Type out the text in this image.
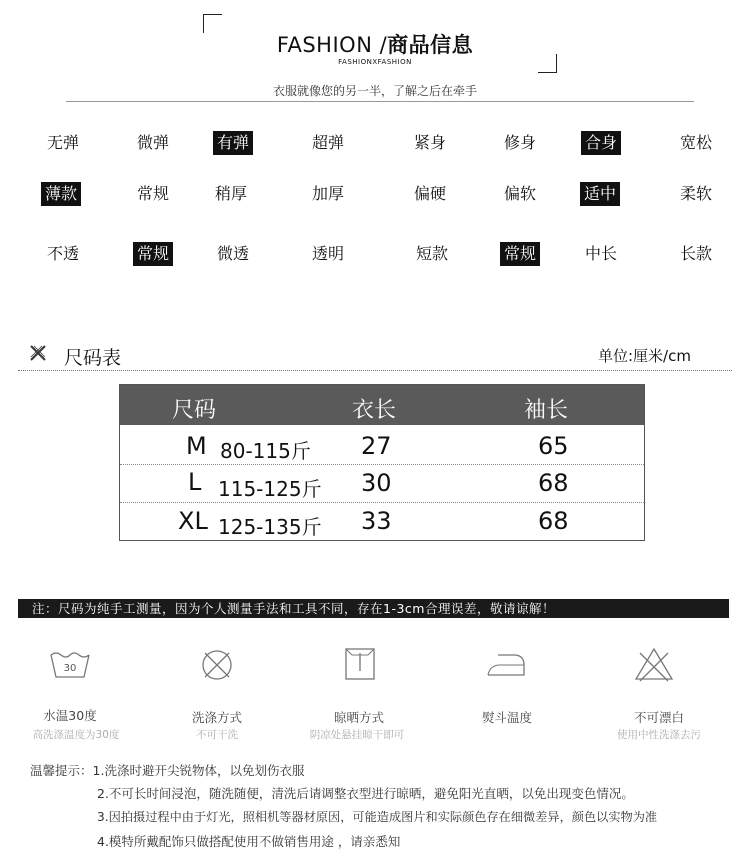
FASHION /商品信息
FASHIONXFASHION
衣服就像您的另一半，了解之后在牵手
无弹	微弹	有弹	超弹	紧身	修身	合身	宽松
薄款	常规	稍厚	加厚	偏硬	偏软	适中	柔软
不透	常规	微透	透明	短款	常规	中长	长款
尺码表	单位:厘米/cm
尺码	衣长	袖长
M 80-115斤 27	65
L 115-125斤 30	68
XL 125-135斤 33	68
注：尺码为纯手工测量，因为个人测量手法和工具不同，存在1-3cm合理误差，敬请谅解！
30
水温30度
高洗涤温度为30度
洗涤方式
不可干洗
晾晒方式
阴凉处悬挂晾干即可
熨斗温度	不可漂白
使用中性洗涤去污
温馨提示：1.洗涤时避开尖锐物体，以免划伤衣服
2.不可长时间浸泡，随洗随便，清洗后请调整衣型进行晾晒，避免阳光直晒，以免出现变色情况。
3.因拍摄过程中由于灯光，照相机等器材原因，可能造成图片和实际颜色存在细微差异，颜色以实物为准
4.模特所戴配饰只做搭配使用不做销售用途 ，请亲悉知
